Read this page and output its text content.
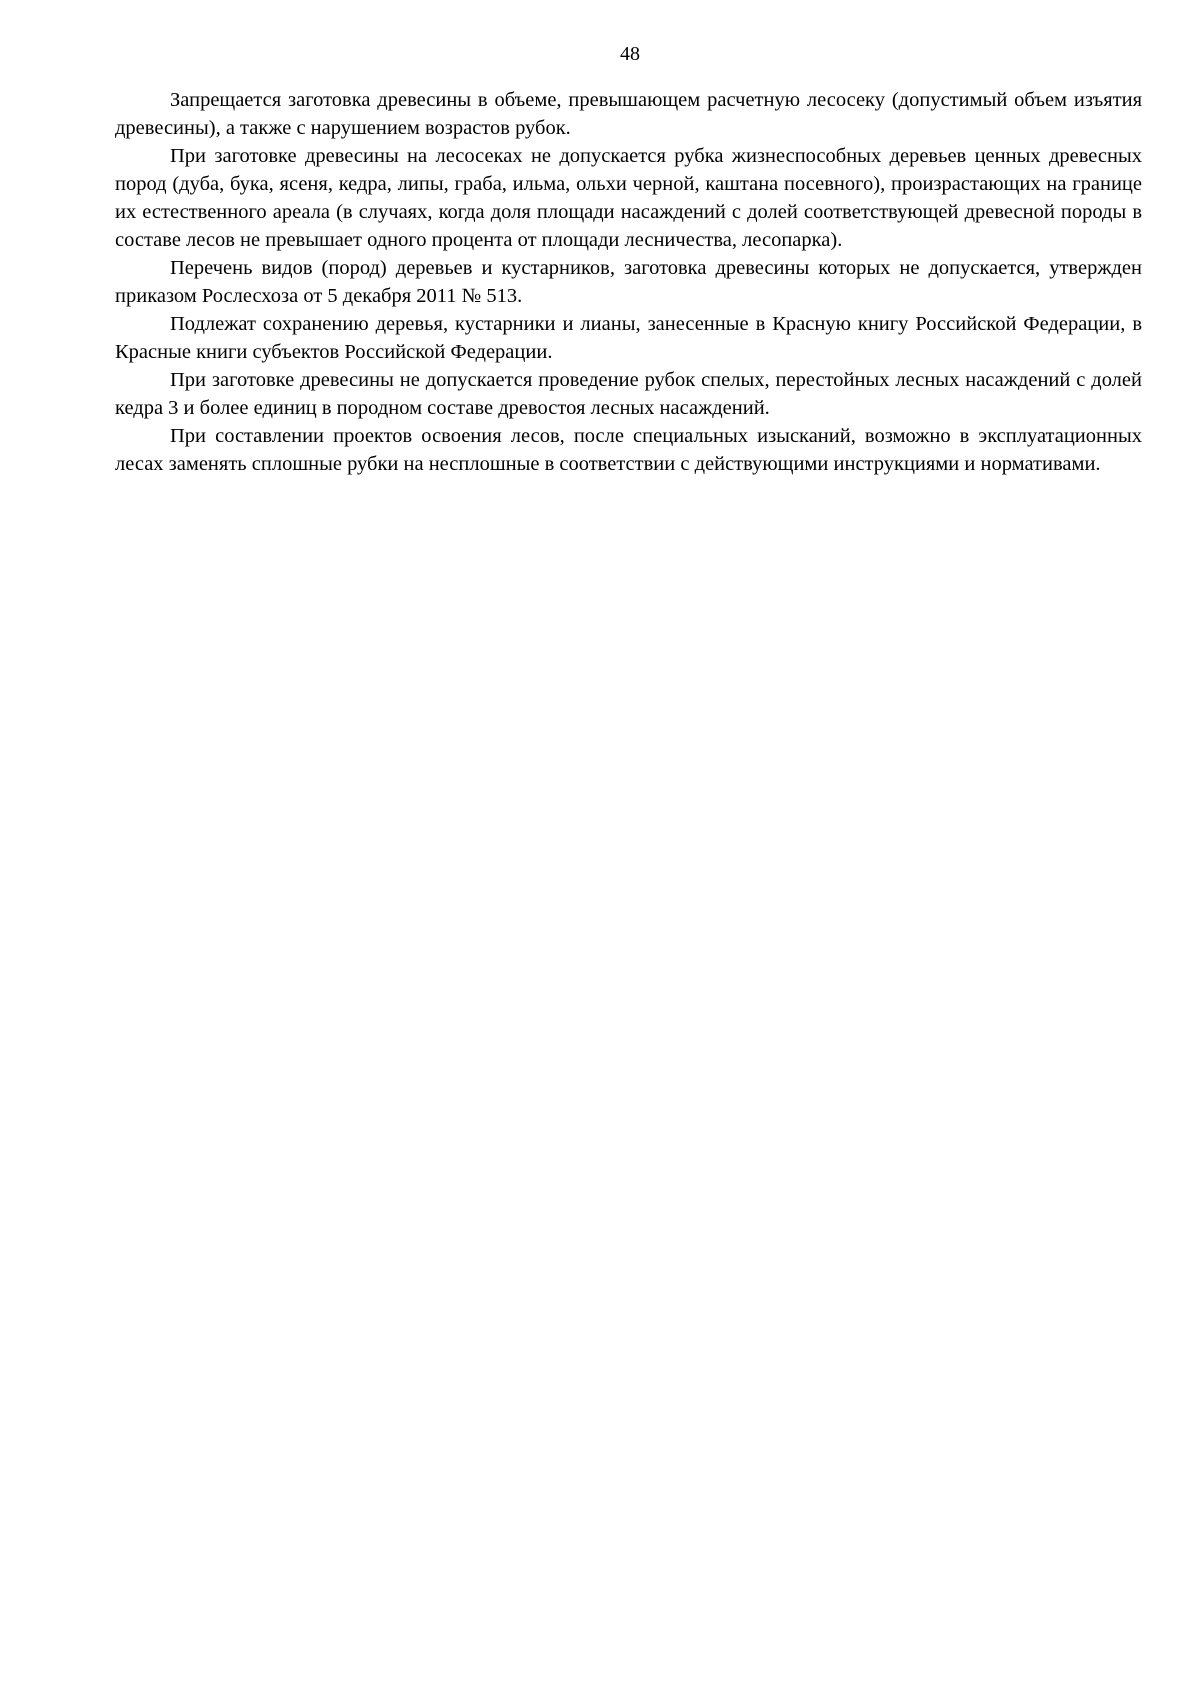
48

Запрещается заготовка древесины в объеме, превышающем расчетную лесосеку (допустимый объем изъятия древесины), а также с нарушением возрастов рубок.

При заготовке древесины на лесосеках не допускается рубка жизнеспособных деревьев ценных древесных пород (дуба, бука, ясеня, кедра, липы, граба, ильма, ольхи черной, каштана посевного), произрастающих на границе их естественного ареала (в случаях, когда доля площади насаждений с долей соответствующей древесной породы в составе лесов не превышает одного процента от площади лесничества, лесопарка).

Перечень видов (пород) деревьев и кустарников, заготовка древесины которых не допускается, утвержден приказом Рослесхоза от 5 декабря 2011 № 513.

Подлежат сохранению деревья, кустарники и лианы, занесенные в Красную книгу Российской Федерации, в Красные книги субъектов Российской Федерации.

При заготовке древесины не допускается проведение рубок спелых, перестойных лесных насаждений с долей кедра 3 и более единиц в породном составе древостоя лесных насаждений.

При составлении проектов освоения лесов, после специальных изысканий, возможно в эксплуатационных лесах заменять сплошные рубки на несплошные в соответствии с действующими инструкциями и нормативами.
